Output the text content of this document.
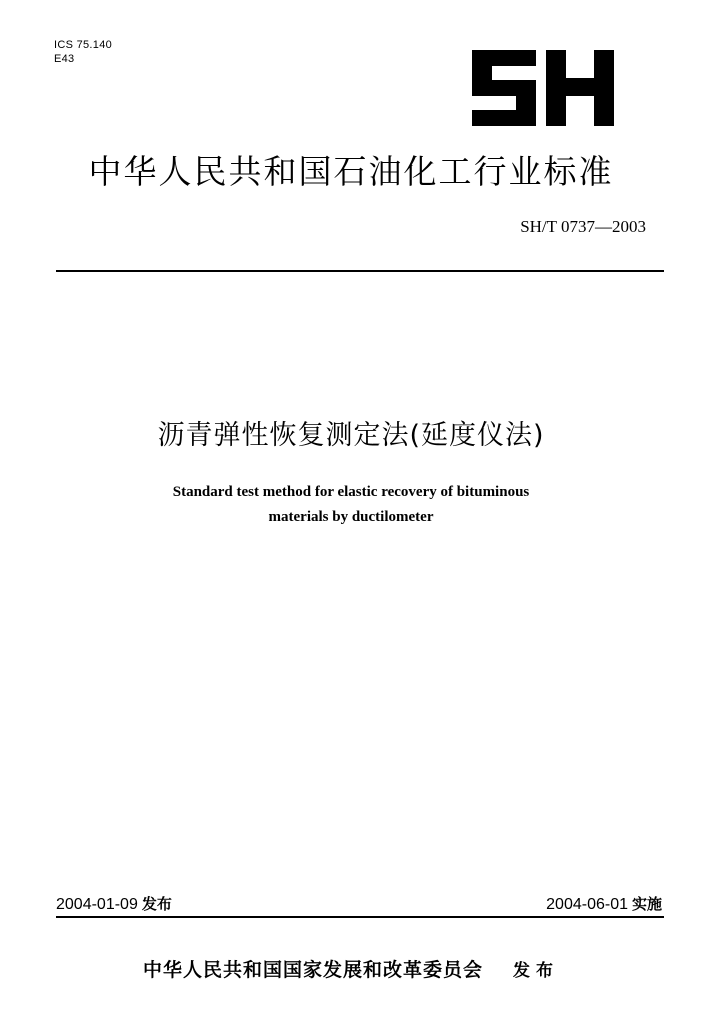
ICS 75.140
E43
中华人民共和国石油化工行业标准
SH/T 0737—2003
沥青弹性恢复测定法(延度仪法)
Standard test method for elastic recovery of bituminous
materials by ductilometer
2004-01-09 发布	2004-06-01 实施
中华人民共和国国家发展和改革委员会 发布
